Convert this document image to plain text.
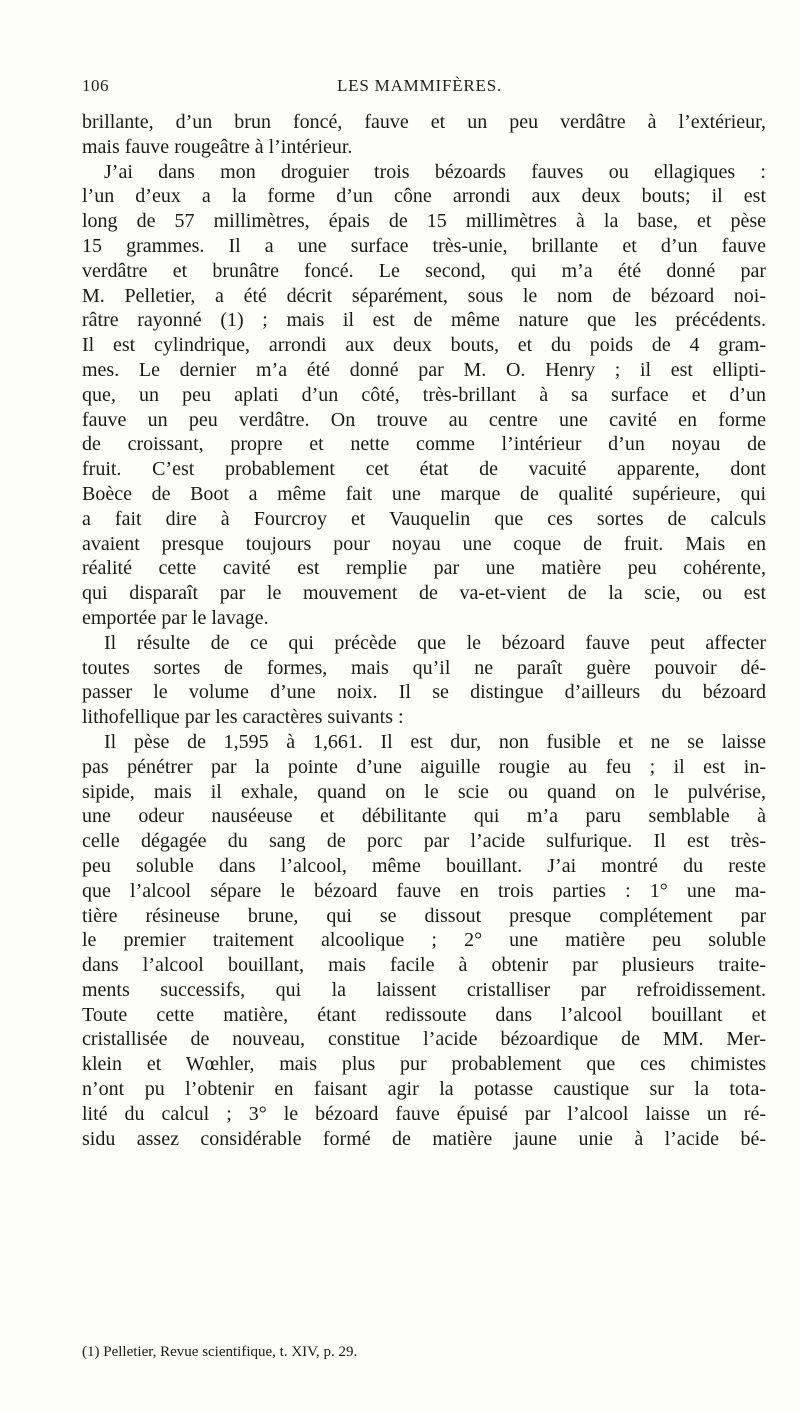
106	LES MAMMIFÈRES.
brillante, d’un brun foncé, fauve et un peu verdâtre à l’extérieur,
mais fauve rougeâtre à l’intérieur.
J’ai dans mon droguier trois bézoards fauves ou ellagiques :
l’un d’eux a la forme d’un cône arrondi aux deux bouts; il est
long de 57 millimètres, épais de 15 millimètres à la base, et pèse
15 grammes. Il a une surface très-unie, brillante et d’un fauve
verdâtre et brunâtre foncé. Le second, qui m’a été donné par
M. Pelletier, a été décrit séparément, sous le nom de bézoard noi-
râtre rayonné (1) ; mais il est de même nature que les précédents.
Il est cylindrique, arrondi aux deux bouts, et du poids de 4 gram-
mes. Le dernier m’a été donné par M. O. Henry ; il est ellipti-
que, un peu aplati d’un côté, très-brillant à sa surface et d’un
fauve un peu verdâtre. On trouve au centre une cavité en forme
de croissant, propre et nette comme l’intérieur d’un noyau de
fruit. C’est probablement cet état de vacuité apparente, dont
Boèce de Boot a même fait une marque de qualité supérieure, qui
a fait dire à Fourcroy et Vauquelin que ces sortes de calculs
avaient presque toujours pour noyau une coque de fruit. Mais en
réalité cette cavité est remplie par une matière peu cohérente,
qui disparaît par le mouvement de va-et-vient de la scie, ou est
emportée par le lavage.
Il résulte de ce qui précède que le bézoard fauve peut affecter
toutes sortes de formes, mais qu’il ne paraît guère pouvoir dé-
passer le volume d’une noix. Il se distingue d’ailleurs du bézoard
lithofellique par les caractères suivants :
Il pèse de 1,595 à 1,661. Il est dur, non fusible et ne se laisse
pas pénétrer par la pointe d’une aiguille rougie au feu ; il est in-
sipide, mais il exhale, quand on le scie ou quand on le pulvérise,
une odeur nauséeuse et débilitante qui m’a paru semblable à
celle dégagée du sang de porc par l’acide sulfurique. Il est très-
peu soluble dans l’alcool, même bouillant. J’ai montré du reste
que l’alcool sépare le bézoard fauve en trois parties : 1° une ma-
tière résineuse brune, qui se dissout presque complétement par
le premier traitement alcoolique ; 2° une matière peu soluble
dans l’alcool bouillant, mais facile à obtenir par plusieurs traite-
ments successifs, qui la laissent cristalliser par refroidissement.
Toute cette matière, étant redissoute dans l’alcool bouillant et
cristallisée de nouveau, constitue l’acide bézoardique de MM. Mer-
klein et Wœhler, mais plus pur probablement que ces chimistes
n’ont pu l’obtenir en faisant agir la potasse caustique sur la tota-
lité du calcul ; 3° le bézoard fauve épuisé par l’alcool laisse un ré-
sidu assez considérable formé de matière jaune unie à l’acide bé-
(1) Pelletier, Revue scientifique, t. XIV, p. 29.
